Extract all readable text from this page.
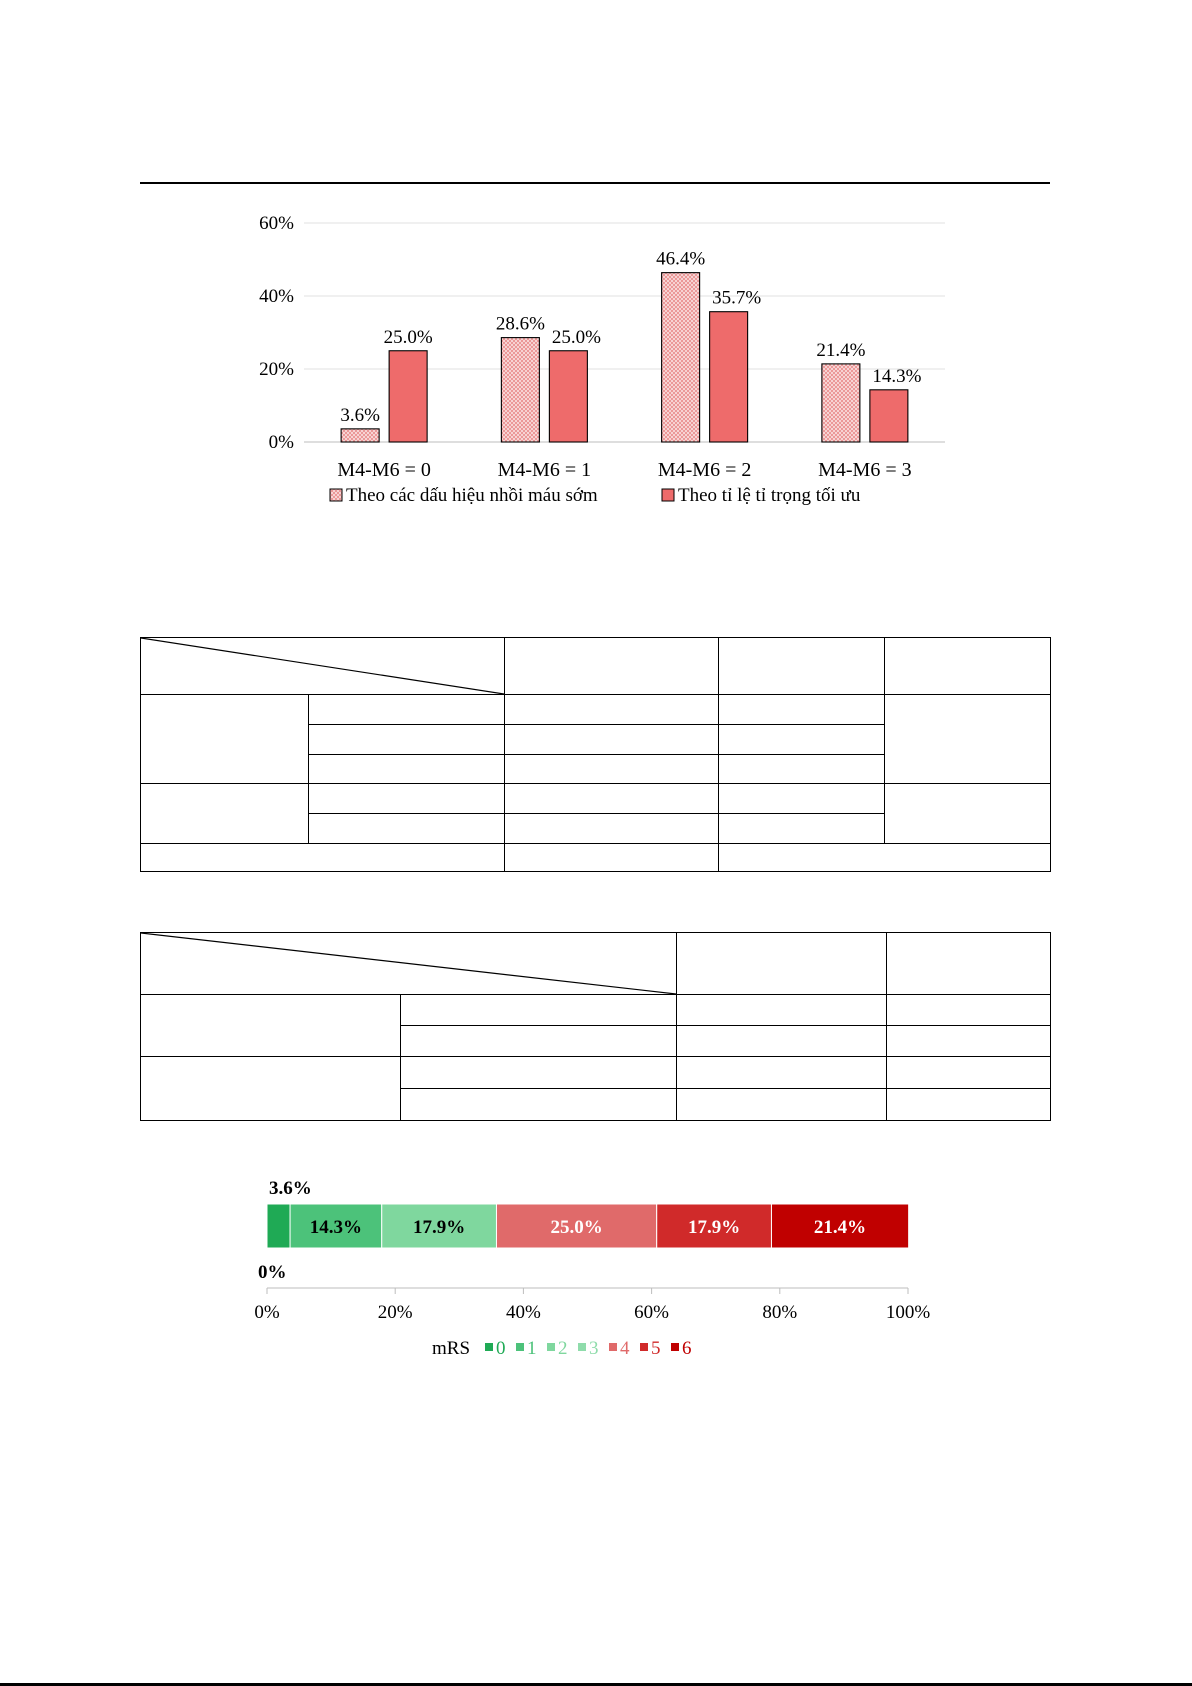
3.6%
25.0%
28.6%
25.0%
46.4%
35.7%
21.4%
14.3%
0%
20%
40%
60%
M4-M6 = 0	M4-M6 = 1	M4-M6 = 2	M4-M6 = 3
Theo các dấu hiệu nhồi máu sớm	Theo tỉ lệ tỉ trọng tối ưu

3.6%
14.3%	17.9%
0%
25.0%	17.9%	21.4%
0%	20%	40%	60%	80%	100%
mRS 0 1 2 3 4 5 6
